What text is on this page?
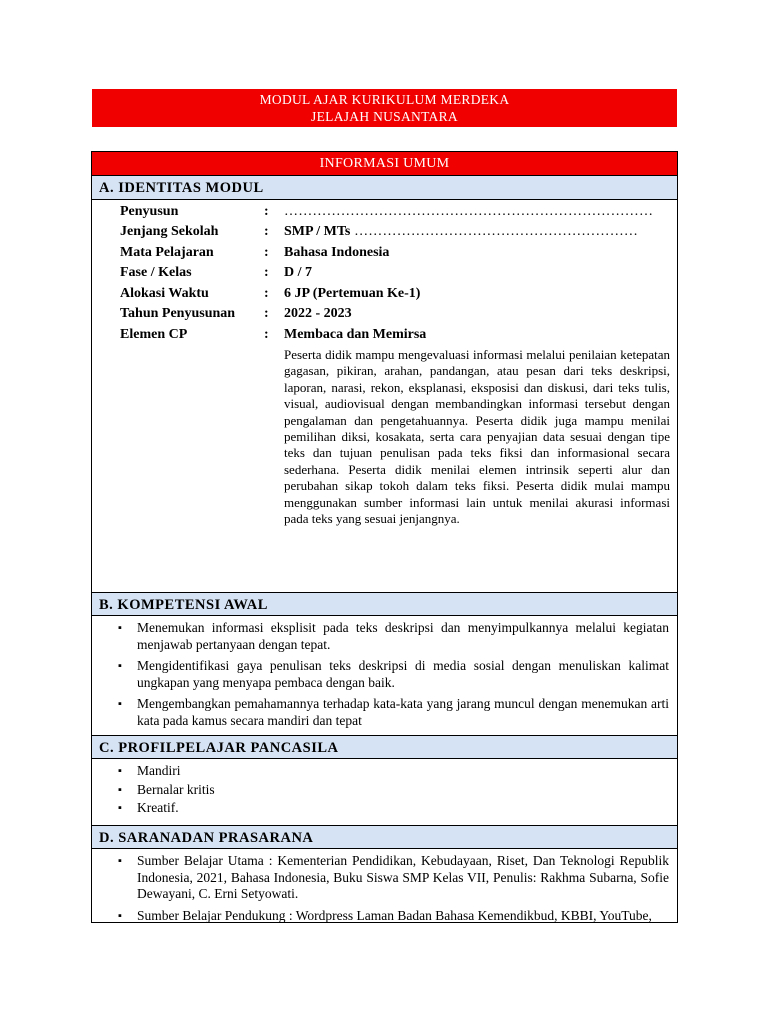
MODUL AJAR KURIKULUM MERDEKA
JELAJAH NUSANTARA
INFORMASI UMUM
A. IDENTITAS MODUL
Penyusun	: ……………………………………………………………………
Jenjang Sekolah	: SMP / MTs ……………………………………………………
Mata Pelajaran	: Bahasa Indonesia
Fase / Kelas	: D / 7
Alokasi Waktu	: 6 JP (Pertemuan Ke-1)
Tahun Penyusunan	: 2022 - 2023
Elemen CP	: Membaca dan Memirsa
Peserta didik mampu mengevaluasi informasi melalui penilaian ketepatan gagasan, pikiran, arahan, pandangan, atau pesan dari teks deskripsi, laporan, narasi, rekon, eksplanasi, eksposisi dan diskusi, dari teks tulis, visual, audiovisual dengan membandingkan informasi tersebut dengan pengalaman dan pengetahuannya. Peserta didik juga mampu menilai pemilihan diksi, kosakata, serta cara penyajian data sesuai dengan tipe teks dan tujuan penulisan pada teks fiksi dan informasional secara sederhana. Peserta didik menilai elemen intrinsik seperti alur dan perubahan sikap tokoh dalam teks fiksi. Peserta didik mulai mampu menggunakan sumber informasi lain untuk menilai akurasi informasi pada teks yang sesuai jenjangnya.
B. KOMPETENSI AWAL
▪ Menemukan informasi eksplisit pada teks deskripsi dan menyimpulkannya melalui kegiatan menjawab pertanyaan dengan tepat.
▪ Mengidentifikasi gaya penulisan teks deskripsi di media sosial dengan menuliskan kalimat ungkapan yang menyapa pembaca dengan baik.
▪ Mengembangkan pemahamannya terhadap kata-kata yang jarang muncul dengan menemukan arti kata pada kamus secara mandiri dan tepat
C. PROFILPELAJAR PANCASILA
▪ Mandiri
▪ Bernalar kritis
▪ Kreatif.
D. SARANADAN PRASARANA
▪ Sumber Belajar Utama : Kementerian Pendidikan, Kebudayaan, Riset, Dan Teknologi Republik Indonesia, 2021, Bahasa Indonesia, Buku Siswa SMP Kelas VII, Penulis: Rakhma Subarna, Sofie Dewayani, C. Erni Setyowati.
▪ Sumber Belajar Pendukung : Wordpress Laman Badan Bahasa Kemendikbud, KBBI, YouTube,
